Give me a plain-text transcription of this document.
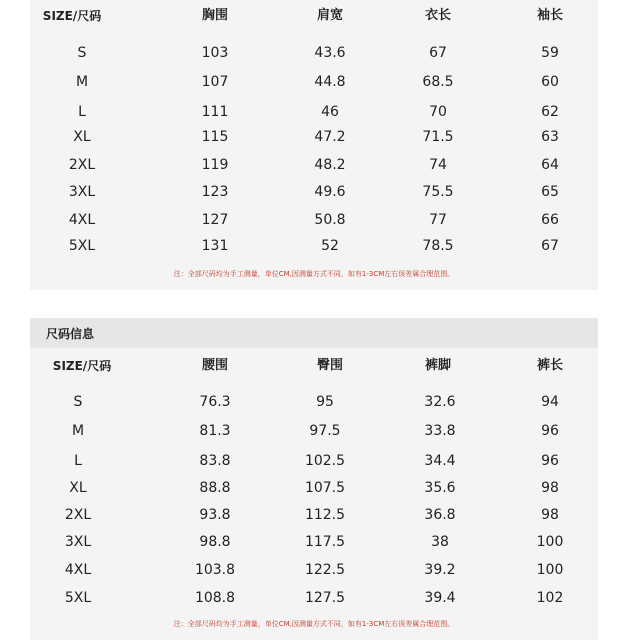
SIZE/尺码	胸围	肩宽	衣长	袖长
S	103	43.6	67	59
M	107	44.8	68.5	60
L	111	46	70	62
XL	115	47.2	71.5	63
2XL	119	48.2	74	64
3XL	123	49.6	75.5	65
4XL	127	50.8	77	66
5XL	131	52	78.5	67
注：全部尺码均为手工测量，单位CM,因测量方式不同，如有1-3CM左右误差属合理范围。
尺码信息
SIZE/尺码	腰围	臀围	裤脚	裤长
S	76.3	95	32.6	94
M	81.3	97.5	33.8	96
L	83.8	102.5	34.4	96
XL	88.8	107.5	35.6	98
2XL	93.8	112.5	36.8	98
3XL	98.8	117.5	38	100
4XL	103.8	122.5	39.2	100
5XL	108.8	127.5	39.4	102
注：全部尺码均为手工测量，单位CM,因测量方式不同，如有1-3CM左右误差属合理范围。
